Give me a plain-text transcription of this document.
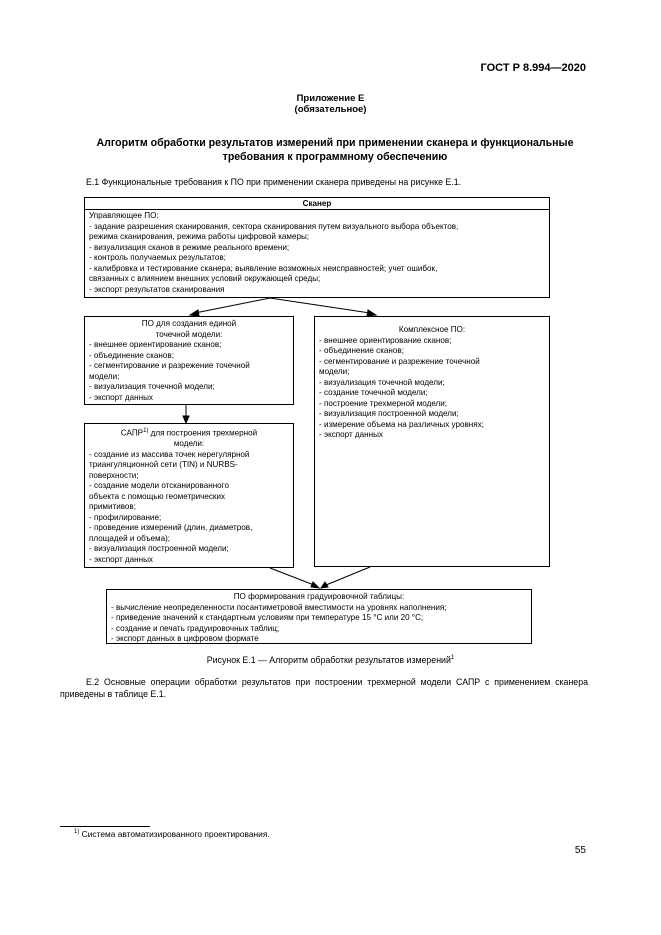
ГОСТ Р 8.994—2020
Приложение Е
(обязательное)
Алгоритм обработки результатов измерений при применении сканера и функциональные
требования к программному обеспечению
Е.1 Функциональные требования к ПО при применении сканера приведены на рисунке Е.1.
Сканер
Управляющее ПО:
- задание разрешения сканирования, сектора сканирования путем визуального выбора объектов,
режима сканирования, режима работы цифровой камеры;
- визуализация сканов в режиме реального времени;
- контроль получаемых результатов;
- калибровка и тестирование сканера; выявление возможных неисправностей; учет ошибок,
связанных с влиянием внешних условий окружающей среды;
- экспорт результатов сканирования
ПО для создания единой
точечной модели:
- внешнее ориентирование сканов;
- объединение сканов;
- сегментирование и разрежение точечной
модели;
- визуализация точечной модели;
- экспорт данных
Комплексное ПО:
- внешнее ориентирование сканов;
- объединение сканов;
- сегментирование и разрежение точечной
модели;
- визуализация точечной модели;
- создание точечной модели;
- построение трехмерной модели;
- визуализация построенной модели;
- измерение объема на различных уровнях;
- экспорт данных
САПР$^{1)}$ для построения трехмерной
модели:
- создание из массива точек нерегулярной
триангуляционной сети (TIN) и NURBS-
поверхности;
- создание модели отсканированного
объекта с помощью геометрических
примитивов;
- профилирование;
- проведение измерений (длин, диаметров,
площадей и объема);
- визуализация построенной модели;
- экспорт данных
ПО формирования градуировочной таблицы:
- вычисление неопределенности посантиметровой вместимости на уровнях наполнения;
- приведение значений к стандартным условиям при температуре 15 °С или 20 °С;
- создание и печать градуировочных таблиц;
- экспорт данных в цифровом формате
Рисунок Е.1 — Алгоритм обработки результатов измерений$^1$
Е.2 Основные операции обработки результатов при построении трехмерной модели САПР с применением сканера приведены в таблице Е.1.
$^{1)}$ Система автоматизированного проектирования.
55
